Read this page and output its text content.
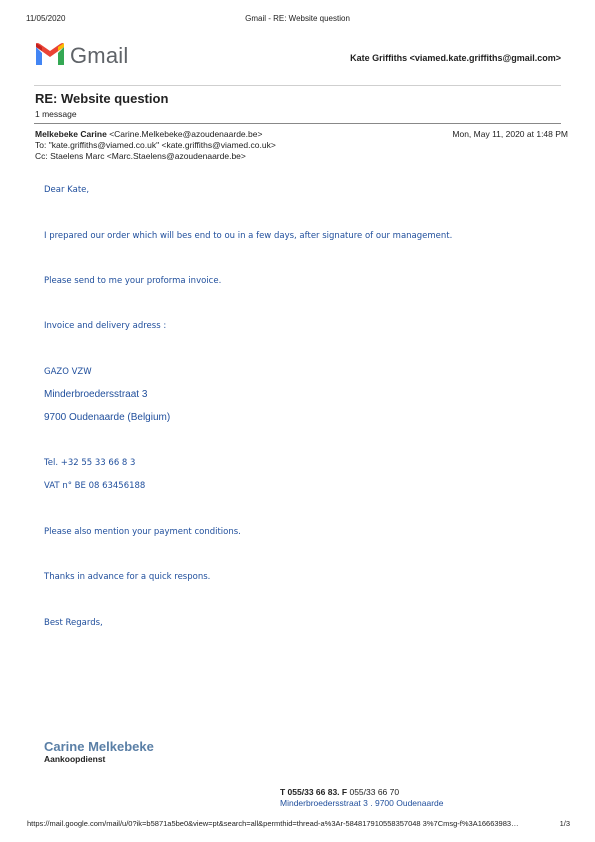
11/05/2020	Gmail - RE: Website question
Gmail	Kate Griffiths <viamed.kate.griffiths@gmail.com>
RE: Website question
1 message
Melkebeke Carine <Carine.Melkebeke@azoudenaarde.be>	Mon, May 11, 2020 at 1:48 PM
To: "kate.griffiths@viamed.co.uk" <kate.griffiths@viamed.co.uk>
Cc: Staelens Marc <Marc.Staelens@azoudenaarde.be>
Dear Kate,
I prepared our order which will bes end to ou in a few days, after signature of our management.
Please send to me your proforma invoice.
Invoice and delivery adress :
GAZO VZW
Minderbroedersstraat 3
9700 Oudenaarde (Belgium)
Tel. +32 55 33 66 8 3
VAT n° BE 08 63456188
Please also mention your payment conditions.
Thanks in advance for a quick respons.
Best Regards,
Carine Melkebeke
Aankoopdienst
T 055/33 66 83. F 055/33 66 70
Minderbroedersstraat 3 . 9700 Oudenaarde
https://mail.google.com/mail/u/0?ik=b5871a5be0&view=pt&search=all&permthid=thread-a%3Ar-584817910558357048 3%7Cmsg-f%3A16663983…	1/3
